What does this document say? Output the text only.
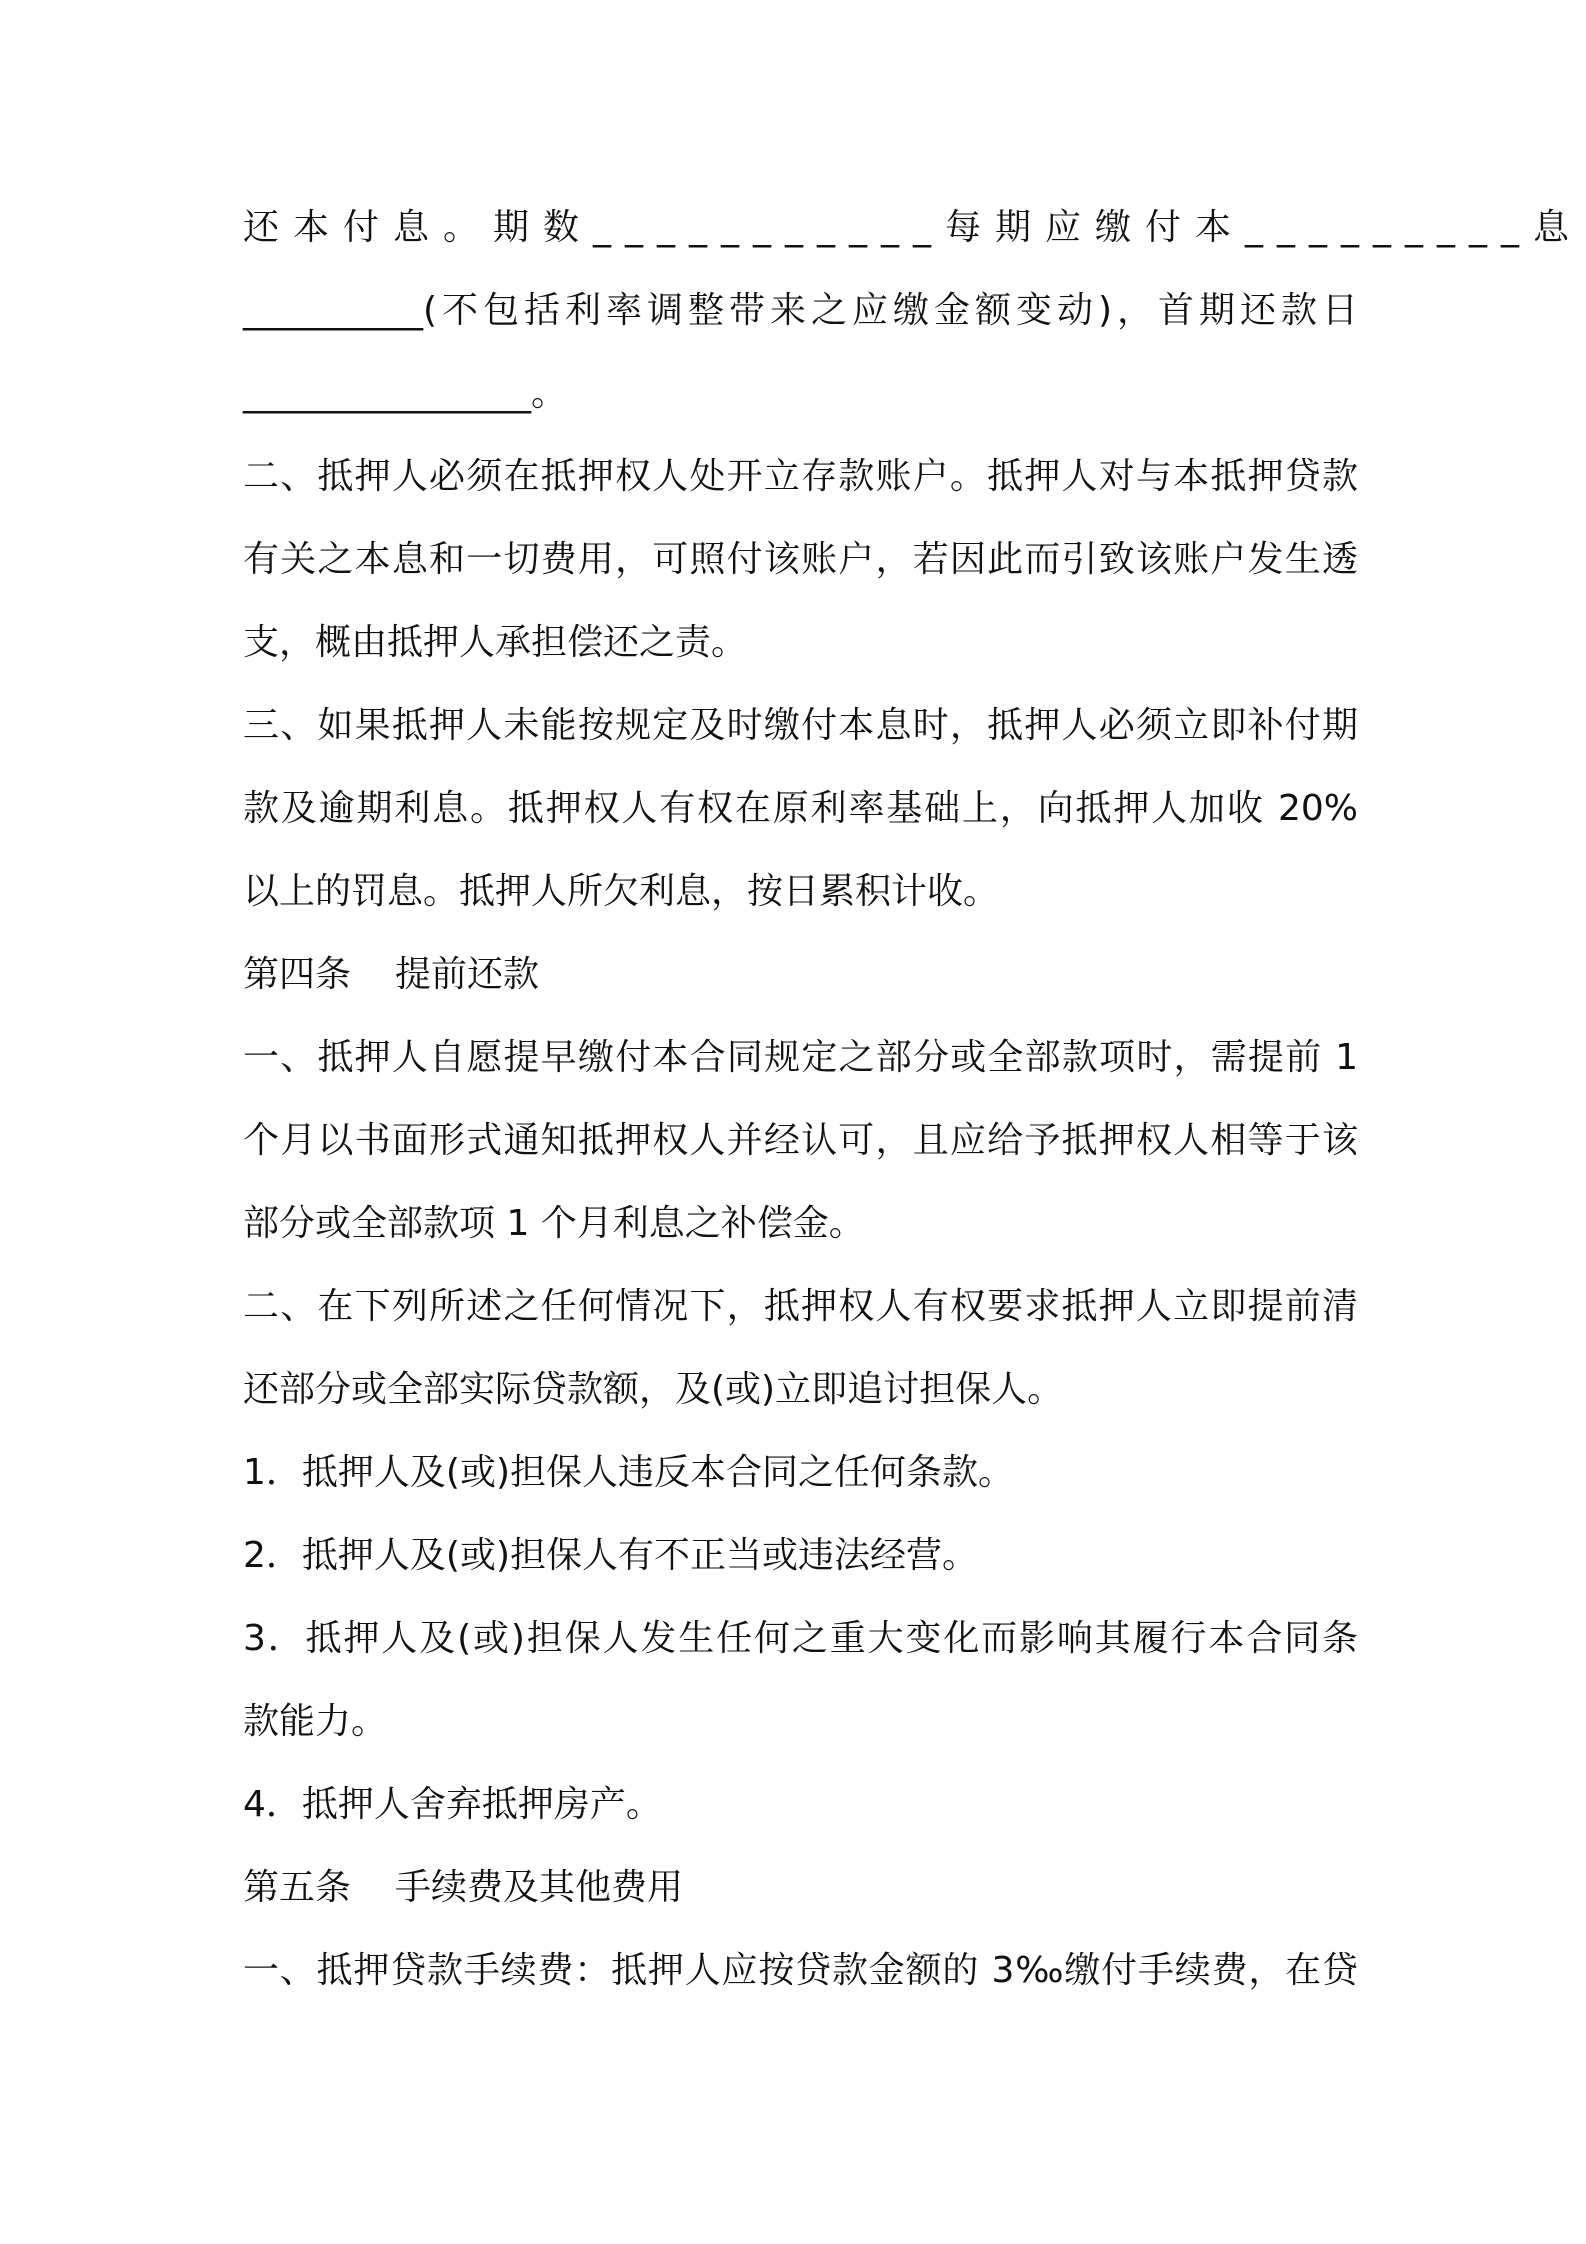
还本付息。期数___________每期应缴付本_________息
__________(不包括利率调整带来之应缴金额变动)，首期还款日
________________。
二、抵押人必须在抵押权人处开立存款账户。抵押人对与本抵押贷款
有关之本息和一切费用，可照付该账户，若因此而引致该账户发生透
支，概由抵押人承担偿还之责。
三、如果抵押人未能按规定及时缴付本息时，抵押人必须立即补付期
款及逾期利息。抵押权人有权在原利率基础上，向抵押人加收 20%
以上的罚息。抵押人所欠利息，按日累积计收。
第四条 提前还款
一、抵押人自愿提早缴付本合同规定之部分或全部款项时，需提前 1
个月以书面形式通知抵押权人并经认可，且应给予抵押权人相等于该
部分或全部款项 1 个月利息之补偿金。
二、在下列所述之任何情况下，抵押权人有权要求抵押人立即提前清
还部分或全部实际贷款额，及(或)立即追讨担保人。
1．抵押人及(或)担保人违反本合同之任何条款。
2．抵押人及(或)担保人有不正当或违法经营。
3．抵押人及(或)担保人发生任何之重大变化而影响其履行本合同条
款能力。
4．抵押人舍弃抵押房产。
第五条 手续费及其他费用
一、抵押贷款手续费：抵押人应按贷款金额的 3‰缴付手续费，在贷
